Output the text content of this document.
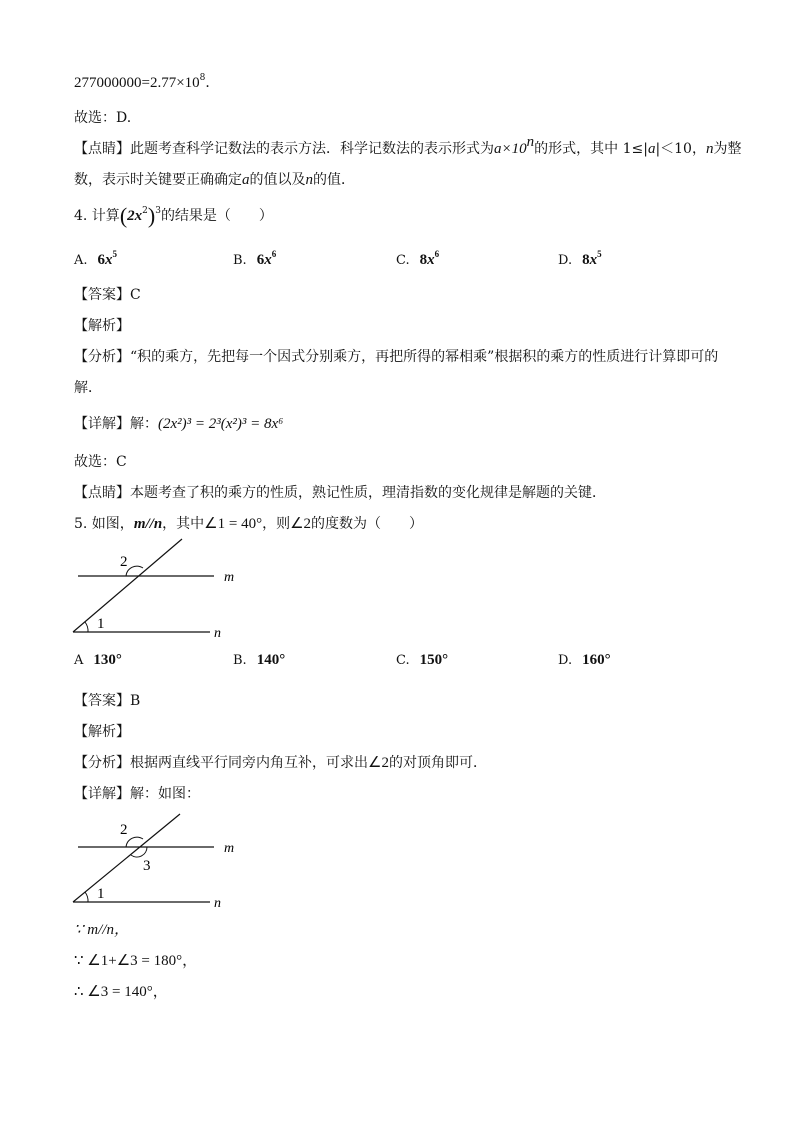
$277000000=2.77\times 10^8$．
故选：D.
【点睛】此题考查科学记数法的表示方法．科学记数法的表示形式为$a\times 10^n$的形式，其中 1≤|a|＜10，n为整
数，表示时关键要正确确定a的值以及n的值．
4. 计算$(2x^2)^3$的结果是（　　）
A. $6x^5$	B. $6x^6$	C. $8x^6$	D. $8x^5$
【答案】C
【解析】
【分析】“积的乘方，先把每一个因式分别乘方，再把所得的幂相乘”根据积的乘方的性质进行计算即可的
解．
【详解】解：(2x²)³ = 2³(x²)³ = 8x⁶
故选：C
【点睛】本题考查了积的乘方的性质，熟记性质，理清指数的变化规律是解题的关键．
5. 如图，m//n，其中∠1 = 40°，则∠2的度数为（　　）
2
m
1
n
A 130°	B. 140°	C. 150°	D. 160°
【答案】B
【解析】
【分析】根据两直线平行同旁内角互补，可求出∠2的对顶角即可．
【详解】解：如图：
2
3
m
1
n
∵ m//n，
∵ ∠1+∠3 = 180°，
∴ ∠3 = 140°，
